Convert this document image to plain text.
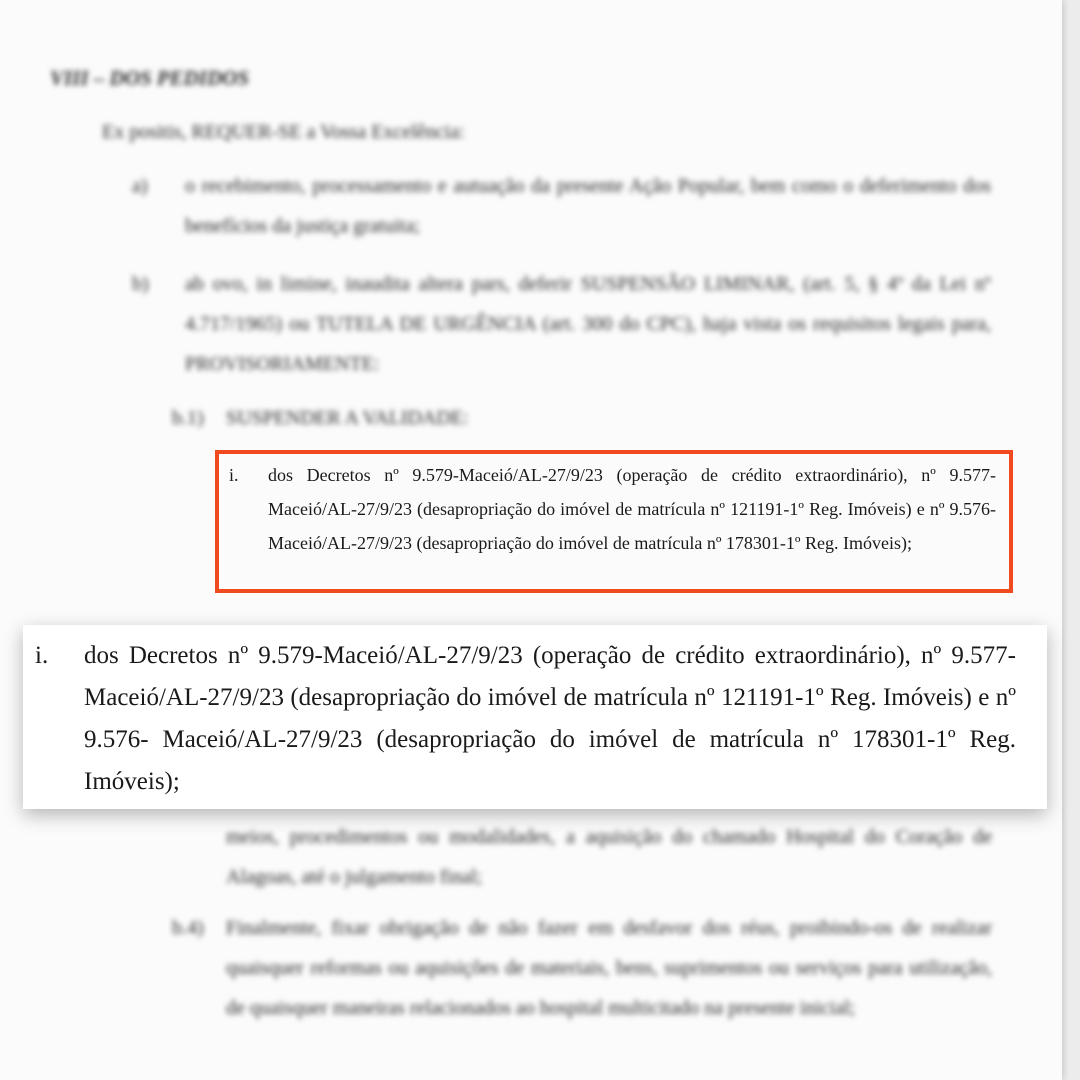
VIII – DOS PEDIDOS
Ex positis, REQUER-SE a Vossa Excelência:
a) o recebimento, processamento e autuação da presente Ação Popular, bem como o deferimento dos benefícios da justiça gratuita;
b) ab ovo, in limine, inaudita altera pars, deferir SUSPENSÃO LIMINAR, (art. 5, § 4º da Lei nº 4.717/1965) ou TUTELA DE URGÊNCIA (art. 300 do CPC), haja vista os requisitos legais para, PROVISORIAMENTE:
b.1) SUSPENDER A VALIDADE:
meios, procedimentos ou modalidades, a aquisição do chamado Hospital do Coração de Alagoas, até o julgamento final;
b.4) Finalmente, fixar obrigação de não fazer em desfavor dos réus, proibindo-os de realizar quaisquer reformas ou aquisições de materiais, bens, suprimentos ou serviços para utilização, de quaisquer maneiras relacionados ao hospital multicitado na presente inicial;
i. dos Decretos nº 9.579-Maceió/AL-27/9/23 (operação de crédito extraordinário), nº 9.577-Maceió/AL-27/9/23 (desapropriação do imóvel de matrícula nº 121191-1º Reg. Imóveis) e nº 9.576- Maceió/AL-27/9/23 (desapropriação do imóvel de matrícula nº 178301-1º Reg. Imóveis);
i. dos Decretos nº 9.579-Maceió/AL-27/9/23 (operação de crédito extraordinário), nº 9.577-Maceió/AL-27/9/23 (desapropriação do imóvel de matrícula nº 121191-1º Reg. Imóveis) e nº 9.576- Maceió/AL-27/9/23 (desapropriação do imóvel de matrícula nº 178301-1º Reg. Imóveis);
